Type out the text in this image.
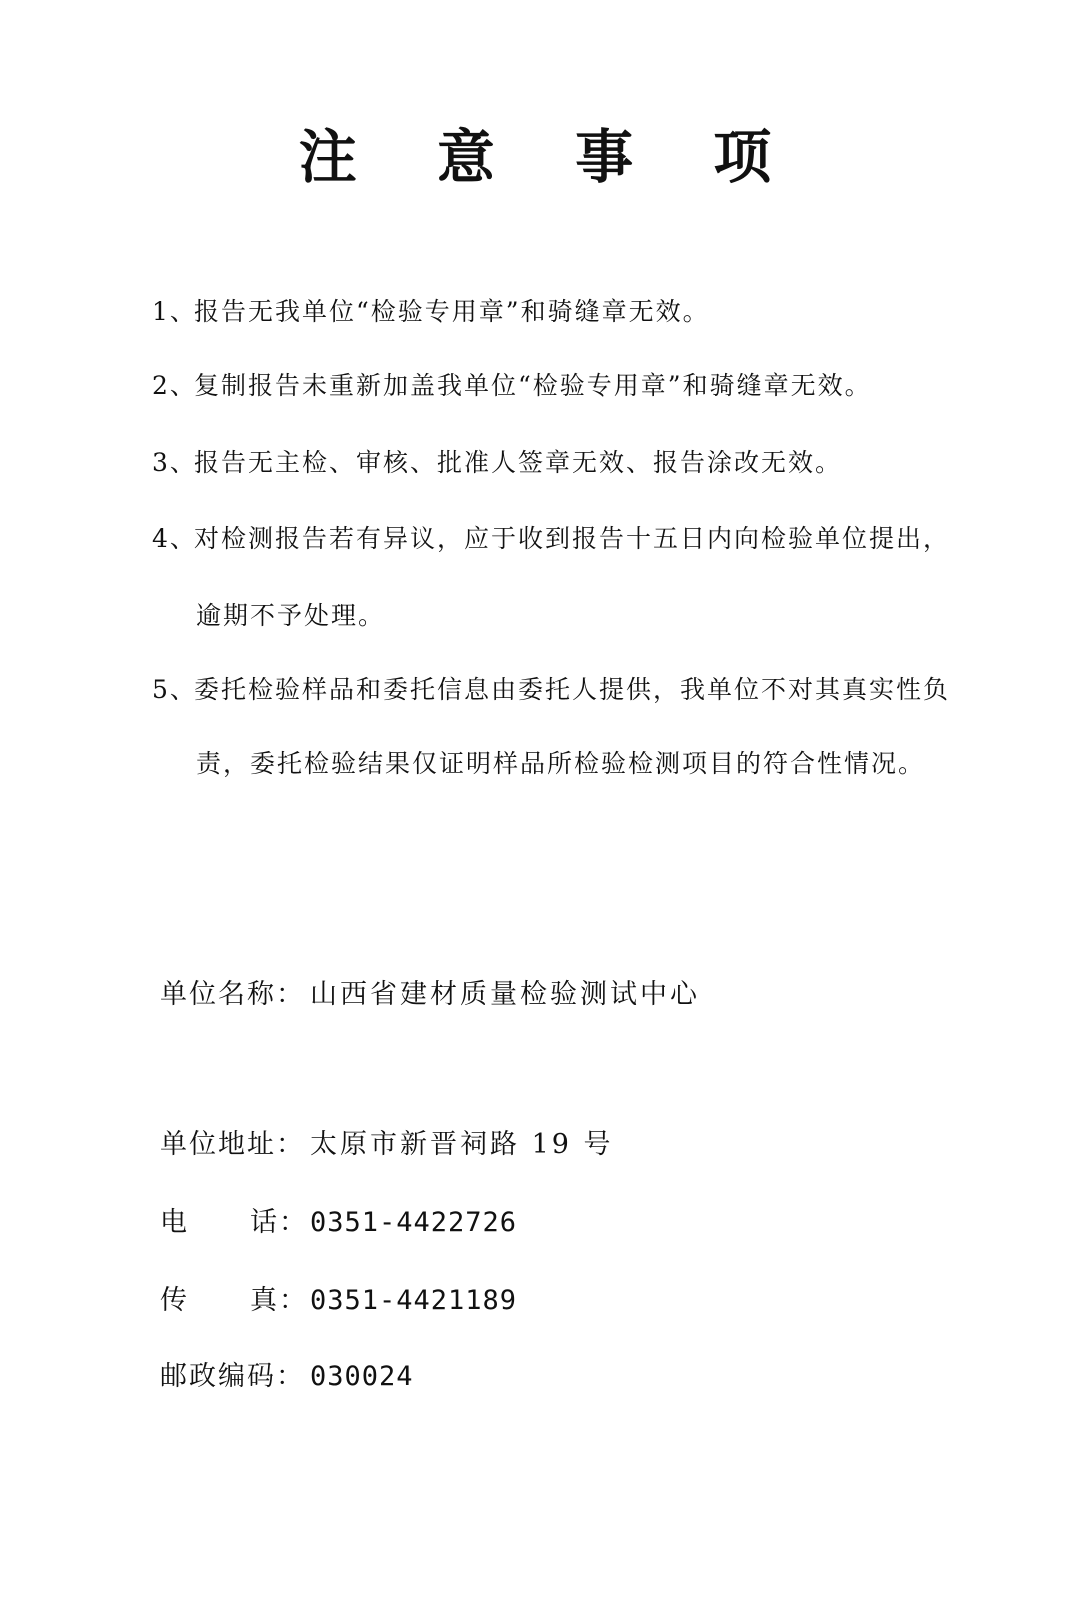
注 意 事 项
1、报告无我单位“检验专用章”和骑缝章无效。
2、复制报告未重新加盖我单位“检验专用章”和骑缝章无效。
3、报告无主检、审核、批准人签章无效、报告涂改无效。
4、对检测报告若有异议，应于收到报告十五日内向检验单位提出，
逾期不予处理。
5、委托检验样品和委托信息由委托人提供，我单位不对其真实性负
责，委托检验结果仅证明样品所检验检测项目的符合性情况。
单位名称： 山西省建材质量检验测试中心
单位地址： 太原市新晋祠路 19 号
电 话：0351-4422726
传 真：0351-4421189
邮政编码： 030024
